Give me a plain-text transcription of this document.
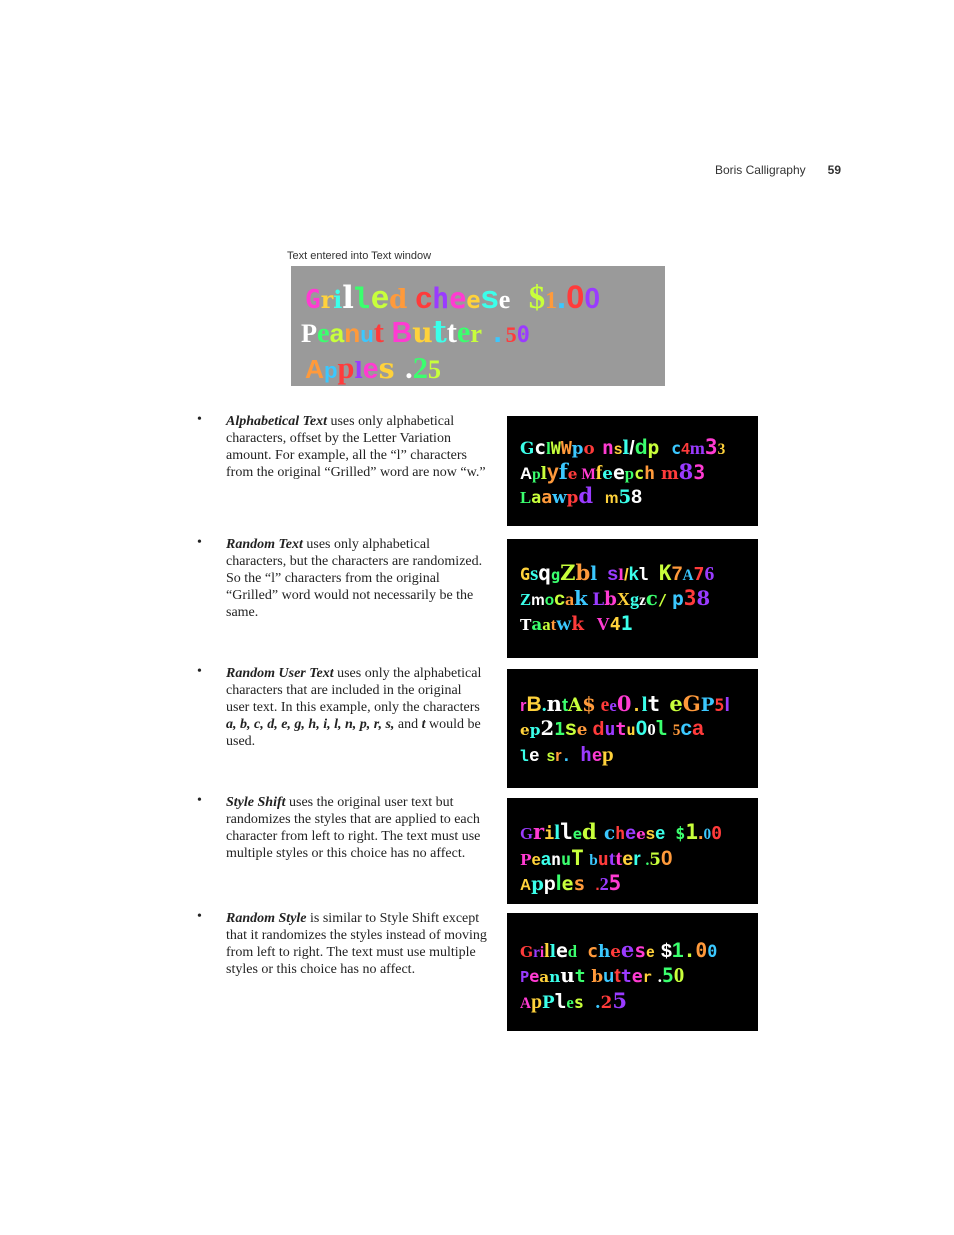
Boris Calligraphy 59
Text entered into Text window
Grilled cheese $1.00
Peanut Butter .50
Apples .25
• Alphabetical Text uses only alphabetical characters, offset by the Letter Variation amount. For example, all the “l” characters from the original “Grilled” word are now “w.”
GclWWpo nsl/dp c4m33
Aplyfe Mfeepch m83
Laawpd m58
• Random Text uses only alphabetical characters, but the characters are randomized. So the “l” characters from the original “Grilled” word would not necessarily be the same.
GsqgZbl sl/kl K7A76
Zmocak LbXgzc/ p38
Taatwk V41
• Random User Text uses only the alphabetical characters that are included in the original user text. In this example, only the characters a, b, c, d, e, g, h, i, l, n, p, r, s, and t would be used.
rB.ntA$ ee0.lt eGP5l
ep21se dutu00l 5ca
le sr. hep
• Style Shift uses the original user text but randomizes the styles that are applied to each character from left to right. The text must use multiple styles or this choice has no affect.
Grilled cheese $1.00
PeanuT butter .50
Apples .25
• Random Style is similar to Style Shift except that it randomizes the styles instead of moving from left to right. The text must use multiple styles or this choice has no affect.
Grilled cheese $1.00
Peanut butter .50
ApPles .25
